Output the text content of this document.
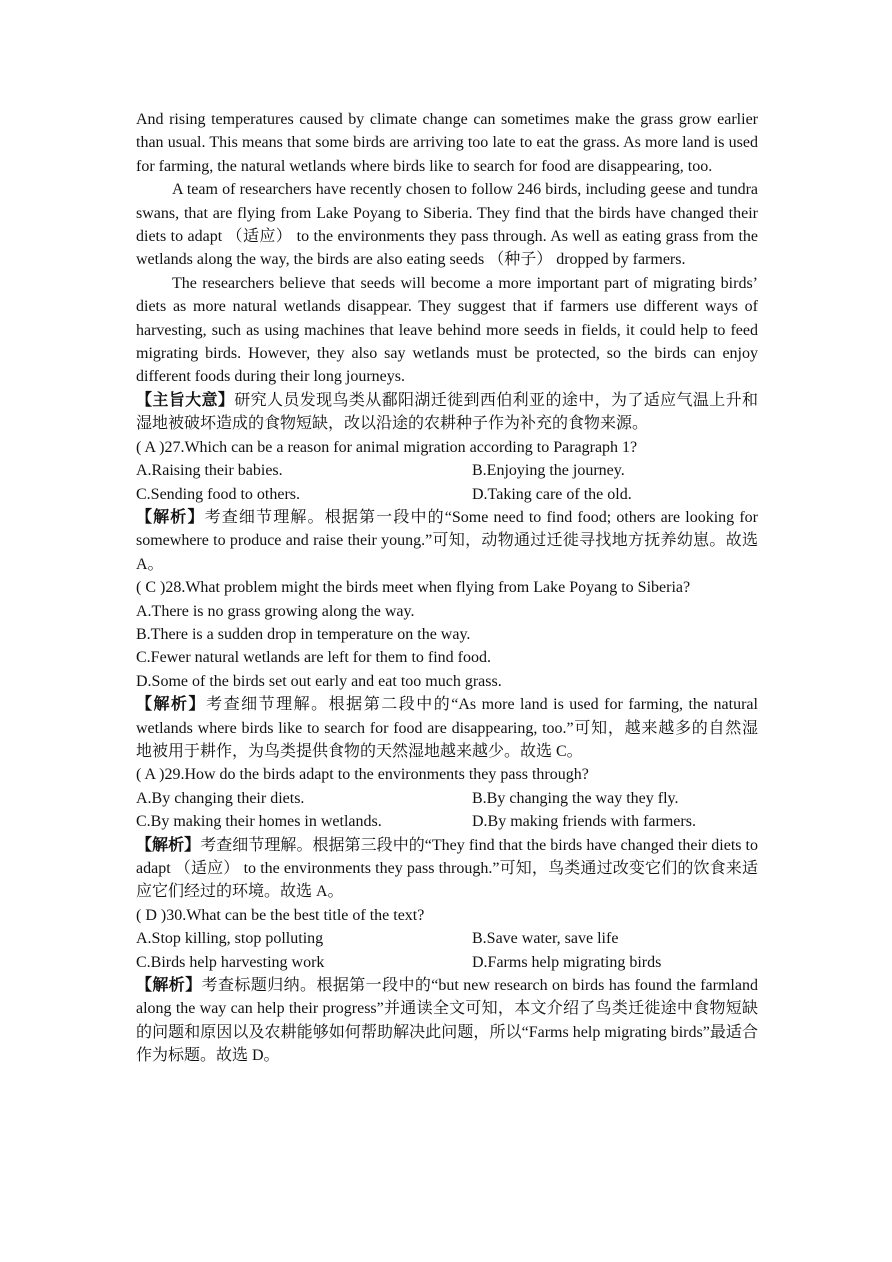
And rising temperatures caused by climate change can sometimes make the grass grow earlier than usual. This means that some birds are arriving too late to eat the grass. As more land is used for farming, the natural wetlands where birds like to search for food are disappearing, too.

A team of researchers have recently chosen to follow 246 birds, including geese and tundra swans, that are flying from Lake Poyang to Siberia. They find that the birds have changed their diets to adapt （适应） to the environments they pass through. As well as eating grass from the wetlands along the way, the birds are also eating seeds （种子） dropped by farmers.

The researchers believe that seeds will become a more important part of migrating birds’ diets as more natural wetlands disappear. They suggest that if farmers use different ways of harvesting, such as using machines that leave behind more seeds in fields, it could help to feed migrating birds. However, they also say wetlands must be protected, so the birds can enjoy different foods during their long journeys.

【主旨大意】研究人员发现鸟类从鄱阳湖迁徙到西伯利亚的途中，为了适应气温上升和湿地被破坏造成的食物短缺，改以沿途的农耕种子作为补充的食物来源。

( A )27.Which can be a reason for animal migration according to Paragraph 1?

A.Raising their babies.	B.Enjoying the journey.
C.Sending food to others.	D.Taking care of the old.

【解析】考查细节理解。根据第一段中的“Some need to find food; others are looking for somewhere to produce and raise their young.”可知，动物通过迁徙寻找地方抚养幼崽。故选 A。

( C )28.What problem might the birds meet when flying from Lake Poyang to Siberia?

A.There is no grass growing along the way.

B.There is a sudden drop in temperature on the way.

C.Fewer natural wetlands are left for them to find food.

D.Some of the birds set out early and eat too much grass.

【解析】考查细节理解。根据第二段中的“As more land is used for farming, the natural wetlands where birds like to search for food are disappearing, too.”可知，越来越多的自然湿地被用于耕作，为鸟类提供食物的天然湿地越来越少。故选 C。

( A )29.How do the birds adapt to the environments they pass through?

A.By changing their diets.	B.By changing the way they fly.
C.By making their homes in wetlands.	D.By making friends with farmers.

【解析】考查细节理解。根据第三段中的“They find that the birds have changed their diets to adapt （适应） to the environments they pass through.”可知，鸟类通过改变它们的饮食来适应它们经过的环境。故选 A。

( D )30.What can be the best title of the text?

A.Stop killing, stop polluting	B.Save water, save life
C.Birds help harvesting work	D.Farms help migrating birds

【解析】考查标题归纳。根据第一段中的“but new research on birds has found the farmland along the way can help their progress”并通读全文可知，本文介绍了鸟类迁徙途中食物短缺的问题和原因以及农耕能够如何帮助解决此问题，所以“Farms help migrating birds”最适合作为标题。故选 D。
